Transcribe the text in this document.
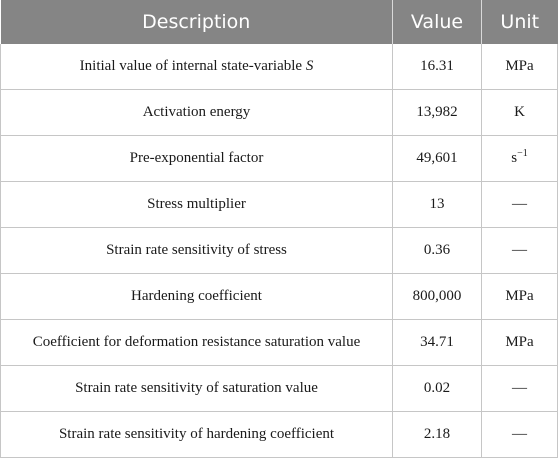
Description	Value	Unit
Initial value of internal state-variable S	16.31	MPa
Activation energy	13,982	K
Pre-exponential factor	49,601	$s^{-1}$
Stress multiplier	13	—
Strain rate sensitivity of stress	0.36	—
Hardening coefficient	800,000	MPa
Coefficient for deformation resistance saturation value	34.71	MPa
Strain rate sensitivity of saturation value	0.02	—
Strain rate sensitivity of hardening coefficient	2.18	—
